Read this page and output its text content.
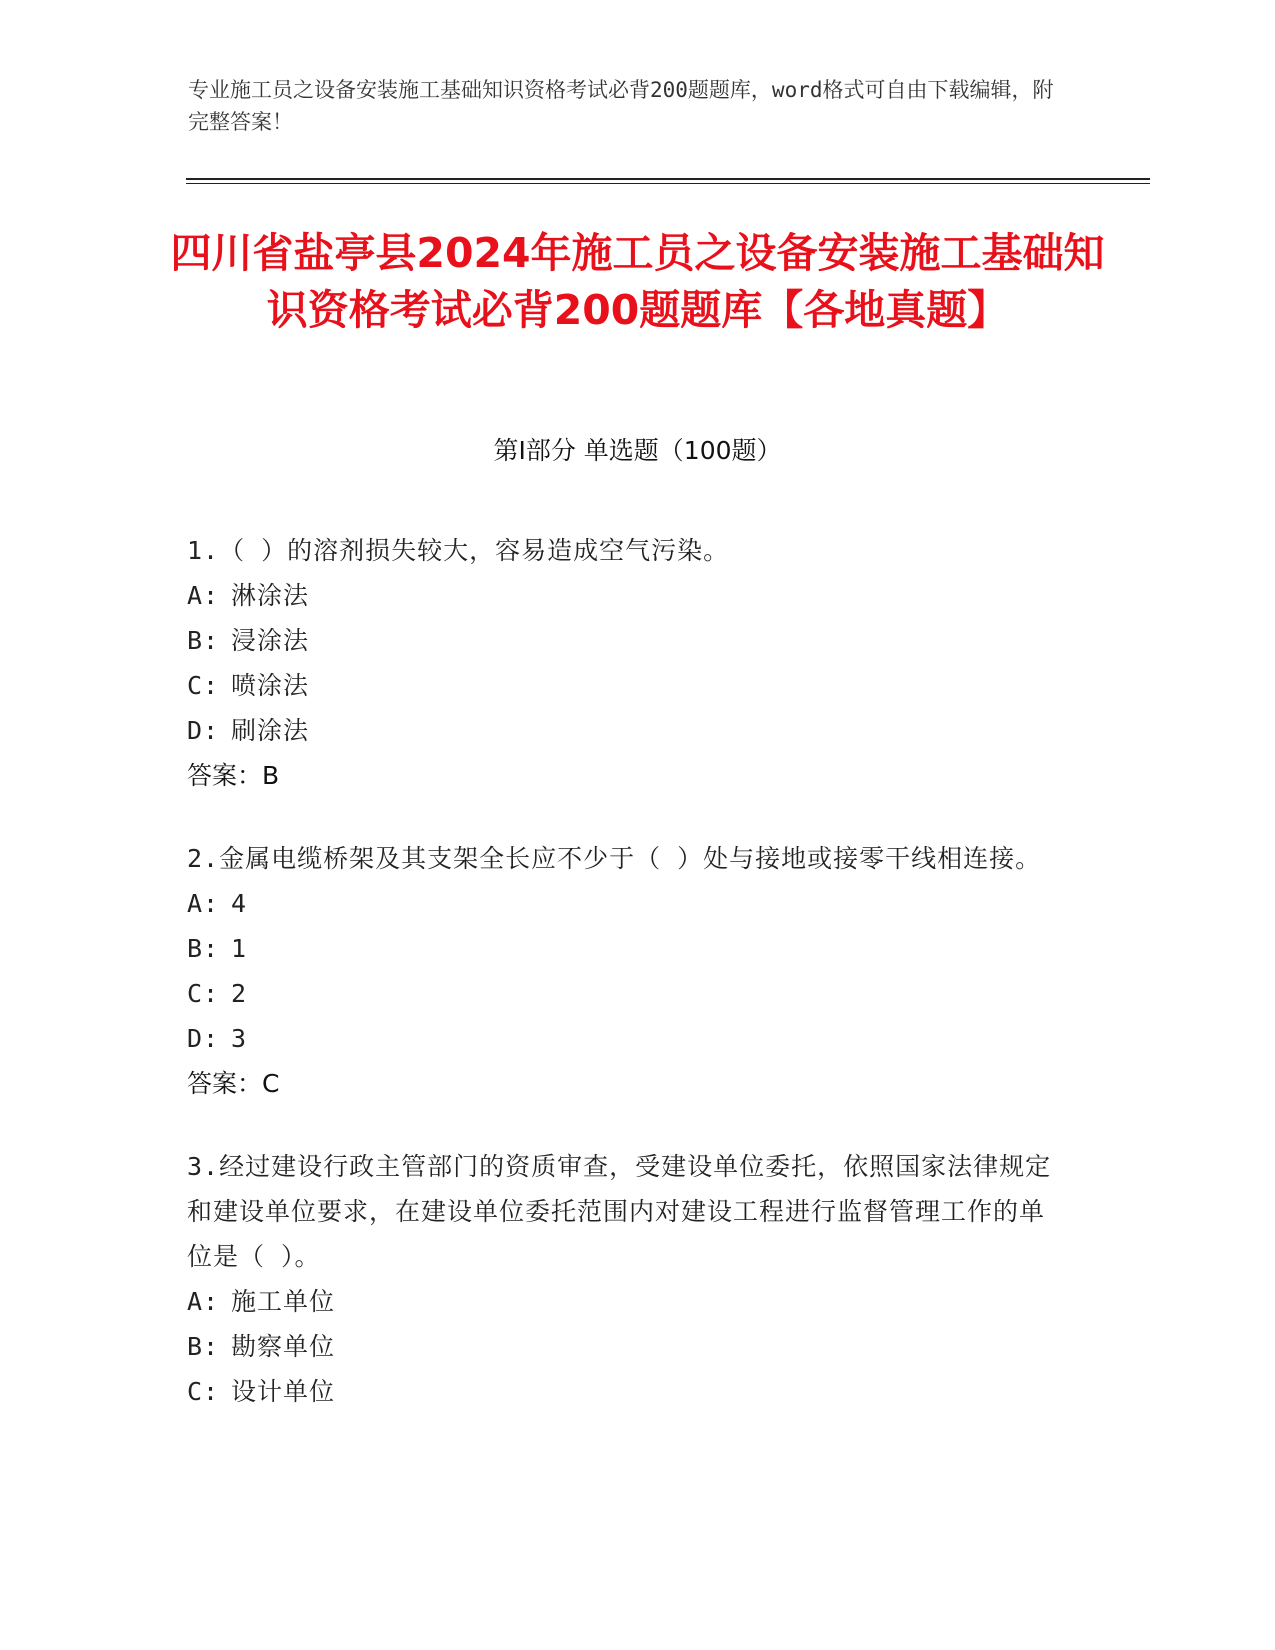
专业施工员之设备安装施工基础知识资格考试必背200题题库，word格式可自由下载编辑，附完整答案！
四川省盐亭县2024年施工员之设备安装施工基础知识资格考试必背200题题库【各地真题】
第Ⅰ部分 单选题（100题）

1.（ ）的溶剂损失较大，容易造成空气污染。

A: 淋涂法
B: 浸涂法
C: 喷涂法
D: 刷涂法

答案：B

2.金属电缆桥架及其支架全长应不少于（ ）处与接地或接零干线相连接。

A: 4
B: 1
C: 2
D: 3

答案：C

3.经过建设行政主管部门的资质审查，受建设单位委托，依照国家法律规定和建设单位要求，在建设单位委托范围内对建设工程进行监督管理工作的单位是（ ）。

A: 施工单位
B: 勘察单位
C: 设计单位
